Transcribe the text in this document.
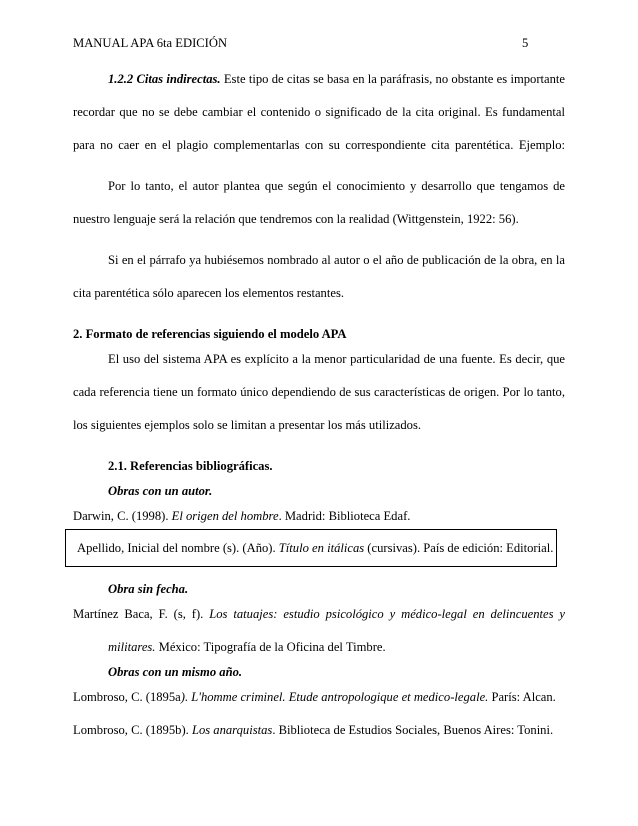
MANUAL APA 6ta EDICIÓN	5
1.2.2 Citas indirectas. Este tipo de citas se basa en la paráfrasis, no obstante es importante
recordar que no se debe cambiar el contenido o significado de la cita original. Es fundamental
para no caer en el plagio complementarlas con su correspondiente cita parentética. Ejemplo:
Por lo tanto, el autor plantea que según el conocimiento y desarrollo que tengamos de
nuestro lenguaje será la relación que tendremos con la realidad (Wittgenstein, 1922: 56).
Si en el párrafo ya hubiésemos nombrado al autor o el año de publicación de la obra, en la
cita parentética sólo aparecen los elementos restantes.
2. Formato de referencias siguiendo el modelo APA
El uso del sistema APA es explícito a la menor particularidad de una fuente. Es decir, que
cada referencia tiene un formato único dependiendo de sus características de origen. Por lo tanto,
los siguientes ejemplos solo se limitan a presentar los más utilizados.
2.1. Referencias bibliográficas.
Obras con un autor.
Darwin, C. (1998). El origen del hombre. Madrid: Biblioteca Edaf.
Apellido, Inicial del nombre (s). (Año). Título en itálicas (cursivas). País de edición: Editorial.
Obra sin fecha.
Martínez Baca, F. (s, f). Los tatuajes: estudio psicológico y médico-legal en delincuentes y
militares. México: Tipografía de la Oficina del Timbre.
Obras con un mismo año.
Lombroso, C. (1895a). L'homme criminel. Etude antropologique et medico-legale. París: Alcan.
Lombroso, C. (1895b). Los anarquistas. Biblioteca de Estudios Sociales, Buenos Aires: Tonini.
